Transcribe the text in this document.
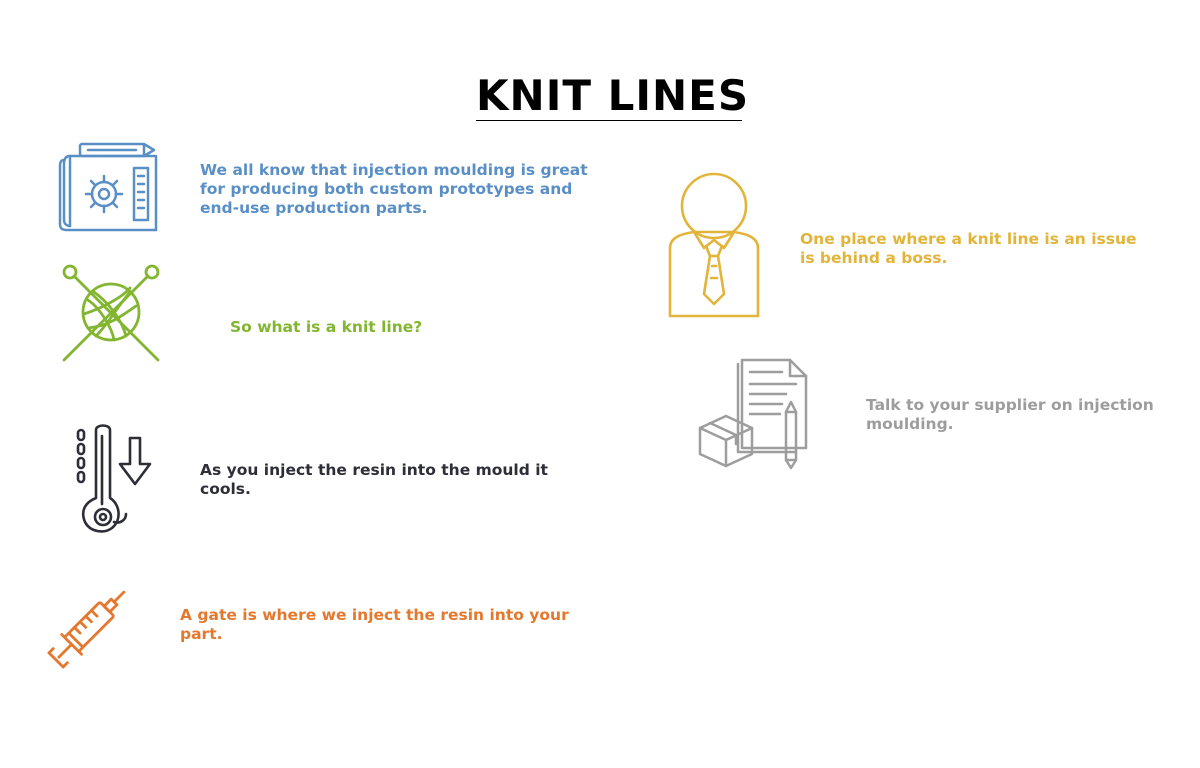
KNIT LINES

We all know that injection moulding is great for producing both custom prototypes and end-use production parts.

So what is a knit line?

As you inject the resin into the mould it cools.

A gate is where we inject the resin into your part.

One place where a knit line is an issue is behind a boss.

Talk to your supplier on injection moulding.
